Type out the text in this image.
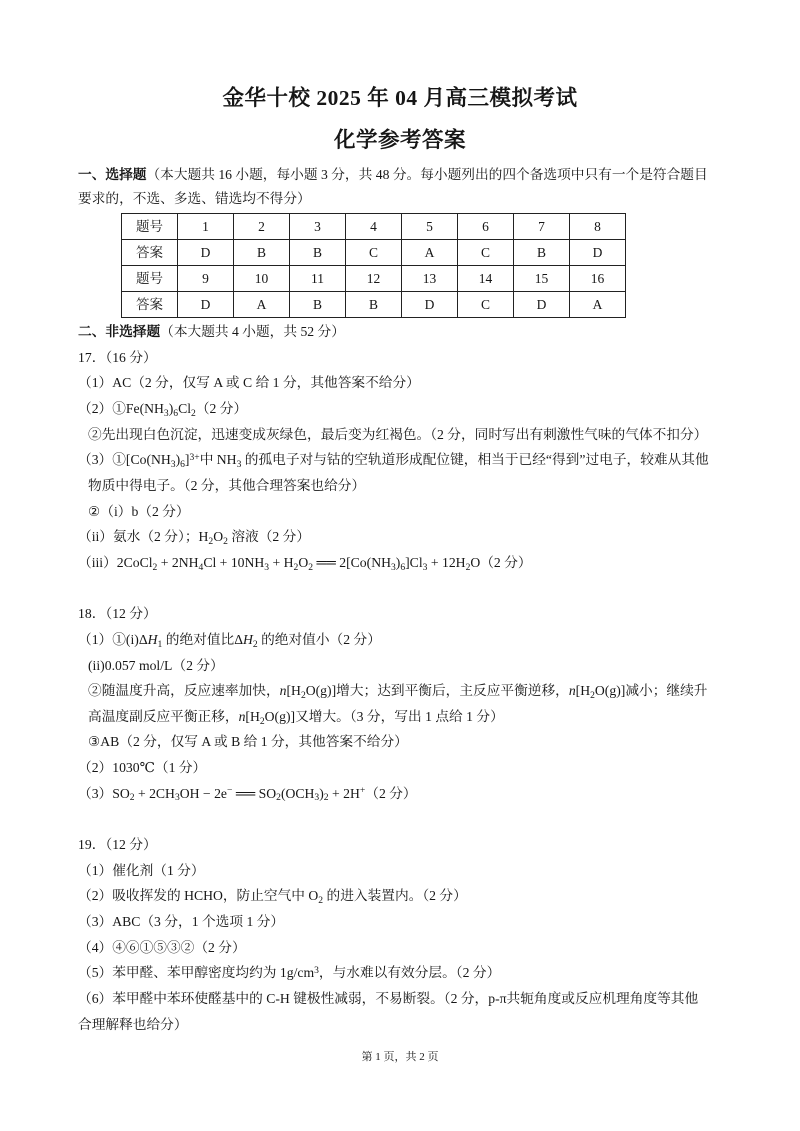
金华十校 2025 年 04 月高三模拟考试
化学参考答案
一、选择题（本大题共 16 小题，每小题 3 分，共 48 分。每小题列出的四个备选项中只有一个是符合题目
要求的，不选、多选、错选均不得分）
题号	1	2	3	4	5	6	7	8
答案	D	B	B	C	A	C	B	D
题号	9	10	11	12	13	14	15	16
答案	D	A	B	B	D	C	D	A
二、非选择题（本大题共 4 小题，共 52 分）
17．（16 分）
（1）AC（2 分，仅写 A 或 C 给 1 分，其他答案不给分）
$(2)①Fe(NH_3)_6Cl_2(2$ 分）
②先出现白色沉淀，迅速变成灰绿色，最后变为红褐色。（2 分，同时写出有刺激性气味的气体不扣分）
$(3)①[Co(NH_3)_6]^{3+}$中 $NH_3$ 的孤电子对与钴的空轨道形成配位键，相当于已经“得到”过电子，较难从其他
物质中得电子。（2 分，其他合理答案也给分）
②（i）b（2 分）
（ii）氨水（2 分）；$H_2O_2$ 溶液（2 分）
（iii）2CoCl$_2$ + $2NH_4Cl + 10NH_3 + H_2O_2$ ══ $2[Co(NH_3)_6]Cl_3 + 12H_2O(2$ 分）
18．（12 分）
$(1)①(i)\Delta H_1$ 的绝对值比$\Delta H_2$ 的绝对值小（2 分）
(ii)0.057 mol/L（2 分）
②随温度升高，反应速率加快，$n[H_2O(g)]$增大；达到平衡后，主反应平衡逆移，$n[H_2O(g)]$减小；继续升
高温度副反应平衡正移，$n[H_2O(g)]$又增大。（3 分，写出 1 点给 1 分）
③AB（2 分，仅写 A 或 B 给 1 分，其他答案不给分）
（2）1030℃（1 分）
$(3)SO_2 + 2CH_3OH - 2e^-$ ══ $SO_2(OCH_3)_2 + 2H^+(2$ 分）
19．（12 分）
（1）催化剂（1 分）
（2）吸收挥发的 HCHO，防止空气中 $O_2$ 的进入装置内。（2 分）
（3）ABC（3 分，1 个选项 1 分）
（4）④⑥①⑤③②（2 分）
（5）苯甲醛、苯甲醇密度均约为 $1g/cm^3$，与水难以有效分层。（2 分）
（6）苯甲醛中苯环使醛基中的 C-H 键极性减弱，不易断裂。（2 分，p-π共轭角度或反应机理角度等其他
合理解释也给分）
第 1 页，共 2 页
